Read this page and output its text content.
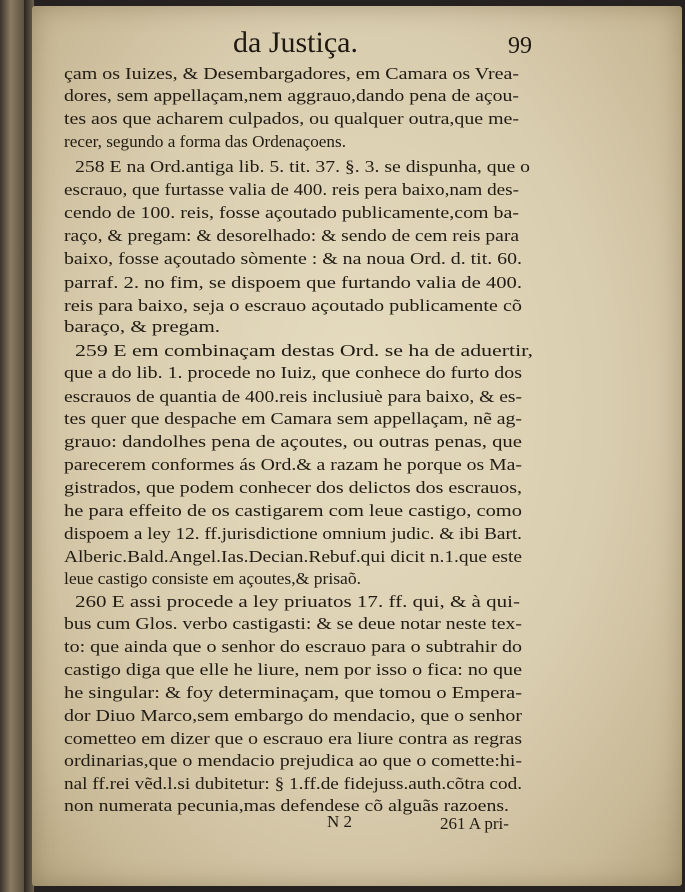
da Justiça.	99
çam os Iuizes, & Desembargadores, em Camara os Vrea-
dores, sem appellaçam,nem aggrauo,dando pena de açou-
tes aos que acharem culpados, ou qualquer outra,que me-
recer, segundo a forma das Ordenaçoens.
258 E na Ord.antiga lib. 5. tit. 37. §. 3. se dispunha, que o
escrauo, que furtasse valia de 400. reis pera baixo,nam des-
cendo de 100. reis, fosse açoutado publicamente,com ba-
raço, & pregam: & desorelhado: & sendo de cem reis para
baixo, fosse açoutado sòmente : & na noua Ord. d. tit. 60.
parraf. 2. no fim, se dispoem que furtando valia de 400.
reis para baixo, seja o escrauo açoutado publicamente cõ
baraço, & pregam.
259 E em combinaçam destas Ord. se ha de aduertir,
que a do lib. 1. procede no Iuiz, que conhece do furto dos
escrauos de quantia de 400.reis inclusiuè para baixo, & es-
tes quer que despache em Camara sem appellaçam, nẽ ag-
grauo: dandolhes pena de açoutes, ou outras penas, que
parecerem conformes ás Ord.& a razam he porque os Ma-
gistrados, que podem conhecer dos delictos dos escrauos,
he para effeito de os castigarem com leue castigo, como
dispoem a ley 12. ff.jurisdictione omnium judic. & ibi Bart.
Alberic.Bald.Angel.Ias.Decian.Rebuf.qui dicit n.1.que este
leue castigo consiste em açoutes,& prisaõ.
260 E assi procede a ley priuatos 17. ff. qui, & à qui-
bus cum Glos. verbo castigasti: & se deue notar neste tex-
to: que ainda que o senhor do escrauo para o subtrahir do
castigo diga que elle he liure, nem por isso o fica: no que
he singular: & foy determinaçam, que tomou o Empera-
dor Diuo Marco,sem embargo do mendacio, que o senhor
cometteo em dizer que o escrauo era liure contra as regras
ordinarias,que o mendacio prejudica ao que o comette:hi-
nal ff.rei vẽd.l.si dubitetur: § 1.ff.de fidejuss.auth.cõtra cod.
non numerata pecunia,mas defendese cõ alguãs razoens.
N 2	261 A pri-
